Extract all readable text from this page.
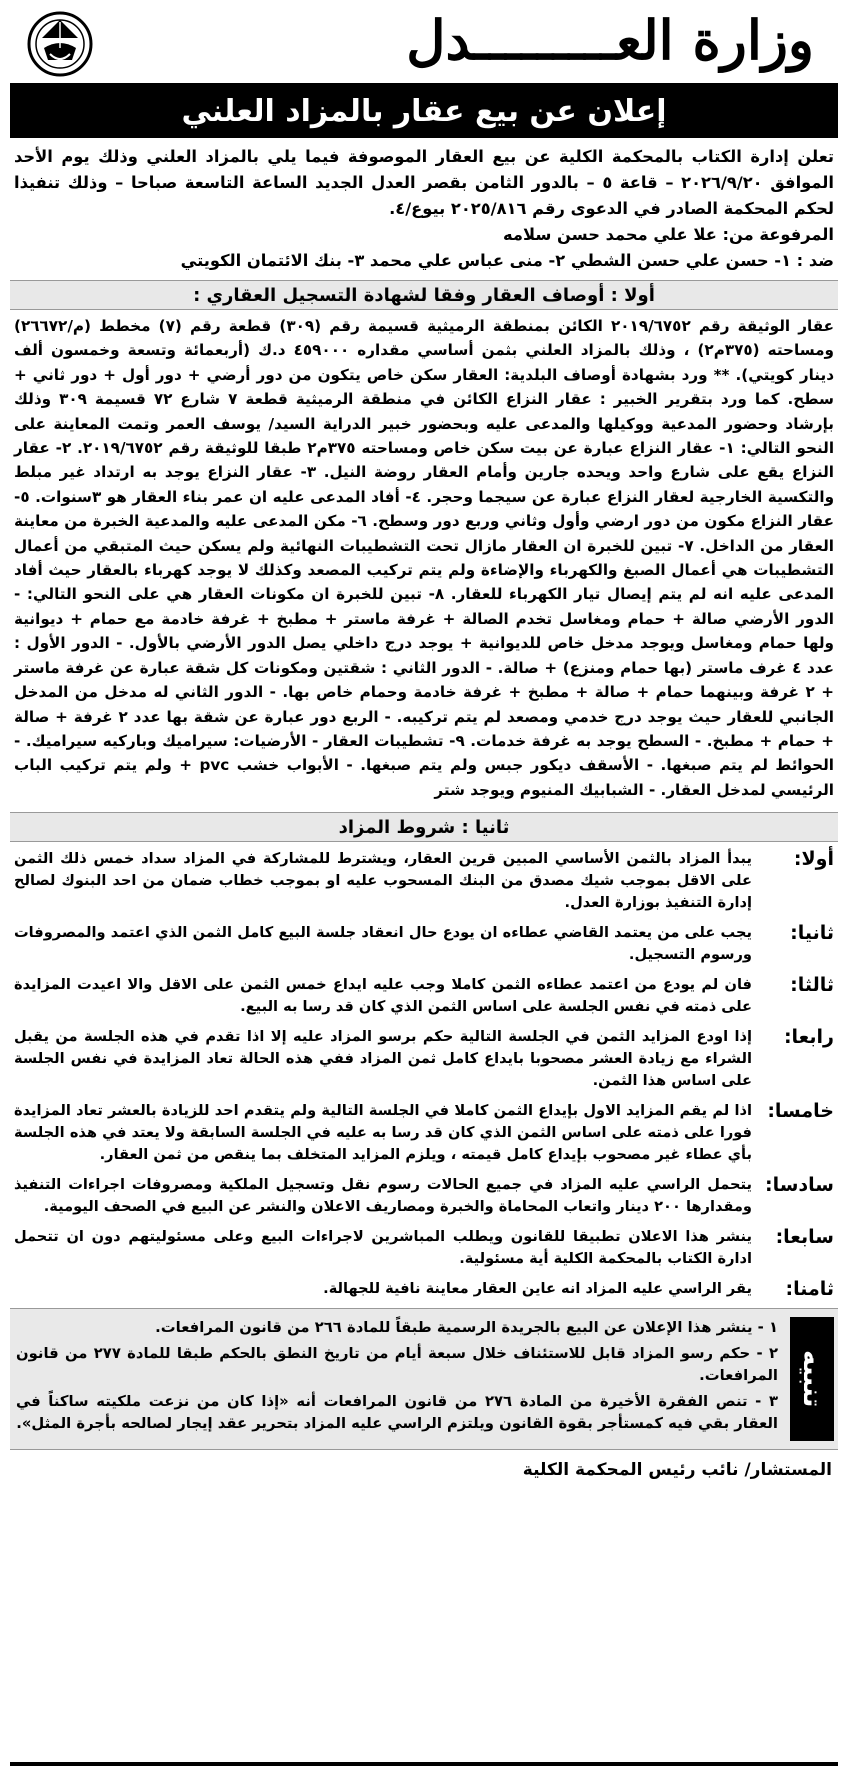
وزارة العـــــــــدل
إعلان عن بيع عقار بالمزاد العلني

تعلن إدارة الكتاب بالمحكمة الكلية عن بيع العقار الموصوفة فيما يلي بالمزاد العلني وذلك يوم الأحد الموافق ٢٠٢٦/٩/٢٠ – قاعة ٥ – بالدور الثامن بقصر العدل الجديد الساعة التاسعة صباحا – وذلك تنفيذا لحكم المحكمة الصادر في الدعوى رقم ٢٠٢٥/٨١٦ بيوع/٤.

المرفوعة من: علا علي محمد حسن سلامه

ضد : ١- حسن علي حسن الشطي ٢- منى عباس علي محمد ٣- بنك الائتمان الكويتي

أولا : أوصاف العقار وفقا لشهادة التسجيل العقاري :
عقار الوثيقة رقم ٢٠١٩/٦٧٥٢ الكائن بمنطقة الرميثية قسيمة رقم (٣٠٩) قطعة رقم (٧) مخطط (م/٢٦٦٧٢) ومساحته (٣٧٥م٢) ، وذلك بالمزاد العلني بثمن أساسي مقداره ٤٥٩٠٠٠ د.ك (أربعمائة وتسعة وخمسون ألف دينار كويتي). ** ورد بشهادة أوصاف البلدية: العقار سكن خاص يتكون من دور أرضي + دور أول + دور ثاني + سطح. كما ورد بتقرير الخبير : عقار النزاع الكائن في منطقة الرميثية قطعة ٧ شارع ٧٢ قسيمة ٣٠٩ وذلك بإرشاد وحضور المدعية ووكيلها والمدعى عليه وبحضور خبير الدراية السيد/ يوسف العمر وتمت المعاينة على النحو التالي: ١- عقار النزاع عبارة عن بيت سكن خاص ومساحته ٣٧٥م٢ طبقا للوثيقة رقم ٢٠١٩/٦٧٥٢. ٢- عقار النزاع يقع على شارع واحد ويحده جارين وأمام العقار روضة النيل. ٣- عقار النزاع يوجد به ارتداد غير مبلط والتكسية الخارجية لعقار النزاع عبارة عن سيجما وحجر. ٤- أفاد المدعى عليه ان عمر بناء العقار هو ٣سنوات. ٥- عقار النزاع مكون من دور ارضي وأول وثاني وربع دور وسطح. ٦- مكن المدعى عليه والمدعية الخبرة من معاينة العقار من الداخل. ٧- تبين للخبرة ان العقار مازال تحت التشطيبات النهائية ولم يسكن حيث المتبقي من أعمال التشطيبات هي أعمال الصبغ والكهرباء والإضاءة ولم يتم تركيب المصعد وكذلك لا يوجد كهرباء بالعقار حيث أفاد المدعى عليه انه لم يتم إيصال تيار الكهرباء للعقار. ٨- تبين للخبرة ان مكونات العقار هي على النحو التالي: - الدور الأرضي صالة + حمام ومغاسل تخدم الصالة + غرفة ماستر + مطبخ + غرفة خادمة مع حمام + ديوانية ولها حمام ومغاسل ويوجد مدخل خاص للديوانية + يوجد درج داخلي يصل الدور الأرضي بالأول. - الدور الأول : عدد ٤ غرف ماستر (بها حمام ومنزع) + صالة. - الدور الثاني : شقتين ومكونات كل شقة عبارة عن غرفة ماستر + ٢ غرفة وبينهما حمام + صالة + مطبخ + غرفة خادمة وحمام خاص بها. - الدور الثاني له مدخل من المدخل الجانبي للعقار حيث يوجد درج خدمي ومصعد لم يتم تركيبه. - الربع دور عبارة عن شقة بها عدد ٢ غرفة + صالة + حمام + مطبخ. - السطح يوجد به غرفة خدمات. ٩- تشطيبات العقار - الأرضيات: سيراميك وباركيه سيراميك. - الحوائط لم يتم صبغها. - الأسقف ديكور جبس ولم يتم صبغها. - الأبواب خشب pvc + ولم يتم تركيب الباب الرئيسي لمدخل العقار. - الشبابيك المنيوم ويوجد شتر
ثانيا : شروط المزاد
أولا:
يبدأ المزاد بالثمن الأساسي المبين قرين العقار، ويشترط للمشاركة في المزاد سداد خمس ذلك الثمن على الاقل بموجب شيك مصدق من البنك المسحوب عليه او بموجب خطاب ضمان من احد البنوك لصالح إدارة التنفيذ بوزارة العدل.
ثانيا:
يجب على من يعتمد القاضي عطاءه ان يودع حال انعقاد جلسة البيع كامل الثمن الذي اعتمد والمصروفات ورسوم التسجيل.
ثالثا:
فان لم يودع من اعتمد عطاءه الثمن كاملا وجب عليه ايداع خمس الثمن على الاقل والا اعيدت المزايدة على ذمته في نفس الجلسة على اساس الثمن الذي كان قد رسا به البيع.
رابعا:
إذا اودع المزايد الثمن في الجلسة التالية حكم برسو المزاد عليه إلا اذا تقدم في هذه الجلسة من يقبل الشراء مع زيادة العشر مصحوبا بايداع كامل ثمن المزاد ففي هذه الحالة تعاد المزايدة في نفس الجلسة على اساس هذا الثمن.
خامسا:
اذا لم يقم المزايد الاول بإيداع الثمن كاملا في الجلسة التالية ولم يتقدم احد للزيادة بالعشر تعاد المزايدة فورا على ذمته على اساس الثمن الذي كان قد رسا به عليه في الجلسة السابقة ولا يعتد في هذه الجلسة بأي عطاء غير مصحوب بإيداع كامل قيمته ، ويلزم المزايد المتخلف بما ينقص من ثمن العقار.
سادسا:
يتحمل الراسي عليه المزاد في جميع الحالات رسوم نقل وتسجيل الملكية ومصروفات اجراءات التنفيذ ومقدارها ٢٠٠ دينار واتعاب المحاماة والخبرة ومصاريف الاعلان والنشر عن البيع في الصحف اليومية.
سابعا:
ينشر هذا الاعلان تطبيقا للقانون ويطلب المباشرين لاجراءات البيع وعلى مسئوليتهم دون ان تتحمل ادارة الكتاب بالمحكمة الكلية أية مسئولية.
ثامنا:
يقر الراسي عليه المزاد انه عاين العقار معاينة نافية للجهالة.
تنبيه
١ - ينشر هذا الإعلان عن البيع بالجريدة الرسمية طبقاً للمادة ٢٦٦ من قانون المرافعات.
٢ - حكم رسو المزاد قابل للاستئناف خلال سبعة أيام من تاريخ النطق بالحكم طبقا للمادة ٢٧٧ من قانون المرافعات.
٣ - تنص الفقرة الأخيرة من المادة ٢٧٦ من قانون المرافعات أنه «إذا كان من نزعت ملكيته ساكناً في العقار بقي فيه كمستأجر بقوة القانون ويلتزم الراسي عليه المزاد بتحرير عقد إيجار لصالحه بأجرة المثل».
المستشار/ نائب رئيس المحكمة الكلية
